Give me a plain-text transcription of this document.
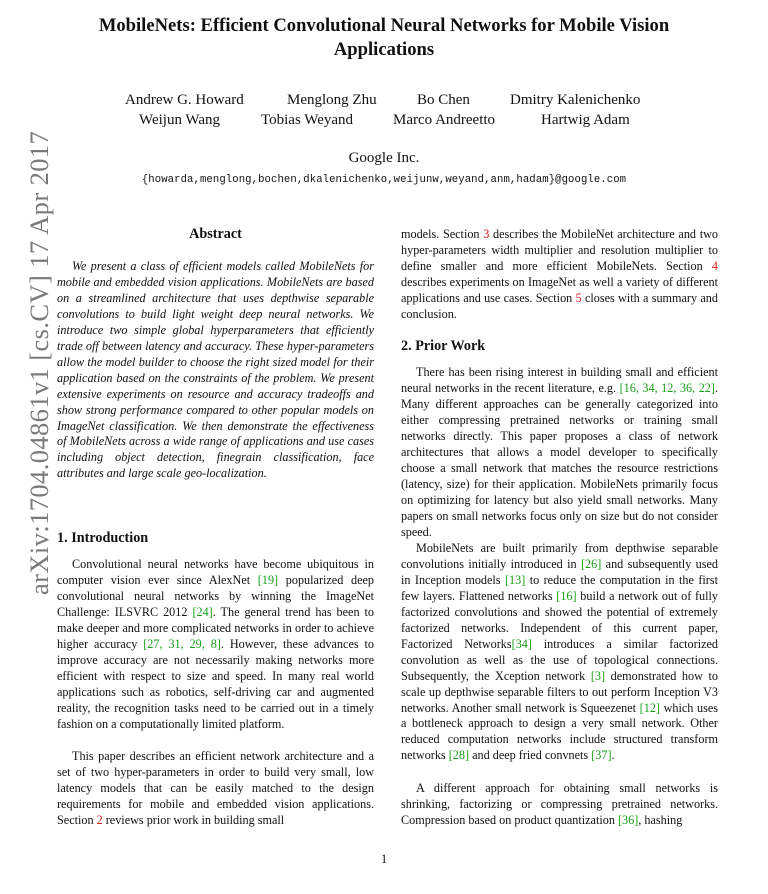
arXiv:1704.04861v1 [cs.CV] 17 Apr 2017
MobileNets: Efficient Convolutional Neural Networks for Mobile Vision Applications
Andrew G. Howard	Menglong Zhu	Bo Chen	Dmitry Kalenichenko
Weijun Wang	Tobias Weyand	Marco Andreetto	Hartwig Adam
Google Inc.
{howarda,menglong,bochen,dkalenichenko,weijunw,weyand,anm,hadam}@google.com
Abstract

We present a class of efficient models called MobileNets for mobile and embedded vision applications. MobileNets are based on a streamlined architecture that uses depthwise separable convolutions to build light weight deep neural networks. We introduce two simple global hyperparameters that efficiently trade off between latency and accuracy. These hyper-parameters allow the model builder to choose the right sized model for their application based on the constraints of the problem. We present extensive experiments on resource and accuracy tradeoffs and show strong performance compared to other popular models on ImageNet classification. We then demonstrate the effectiveness of MobileNets across a wide range of applications and use cases including object detection, finegrain classification, face attributes and large scale geo-localization.

1. Introduction

Convolutional neural networks have become ubiquitous in computer vision ever since AlexNet [19] popularized deep convolutional neural networks by winning the ImageNet Challenge: ILSVRC 2012 [24]. The general trend has been to make deeper and more complicated networks in order to achieve higher accuracy [27, 31, 29, 8]. However, these advances to improve accuracy are not necessarily making networks more efficient with respect to size and speed. In many real world applications such as robotics, self-driving car and augmented reality, the recognition tasks need to be carried out in a timely fashion on a computationally limited platform.

This paper describes an efficient network architecture and a set of two hyper-parameters in order to build very small, low latency models that can be easily matched to the design requirements for mobile and embedded vision applications. Section 2 reviews prior work in building small

models. Section 3 describes the MobileNet architecture and two hyper-parameters width multiplier and resolution multiplier to define smaller and more efficient MobileNets. Section 4 describes experiments on ImageNet as well a variety of different applications and use cases. Section 5 closes with a summary and conclusion.

2. Prior Work

There has been rising interest in building small and efficient neural networks in the recent literature, e.g. [16, 34, 12, 36, 22]. Many different approaches can be generally categorized into either compressing pretrained networks or training small networks directly. This paper proposes a class of network architectures that allows a model developer to specifically choose a small network that matches the resource restrictions (latency, size) for their application. MobileNets primarily focus on optimizing for latency but also yield small networks. Many papers on small networks focus only on size but do not consider speed.

MobileNets are built primarily from depthwise separable convolutions initially introduced in [26] and subsequently used in Inception models [13] to reduce the computation in the first few layers. Flattened networks [16] build a network out of fully factorized convolutions and showed the potential of extremely factorized networks. Independent of this current paper, Factorized Networks[34] introduces a similar factorized convolution as well as the use of topological connections. Subsequently, the Xception network [3] demonstrated how to scale up depthwise separable filters to out perform Inception V3 networks. Another small network is Squeezenet [12] which uses a bottleneck approach to design a very small network. Other reduced computation networks include structured transform networks [28] and deep fried convnets [37].

A different approach for obtaining small networks is shrinking, factorizing or compressing pretrained networks. Compression based on product quantization [36], hashing

1
